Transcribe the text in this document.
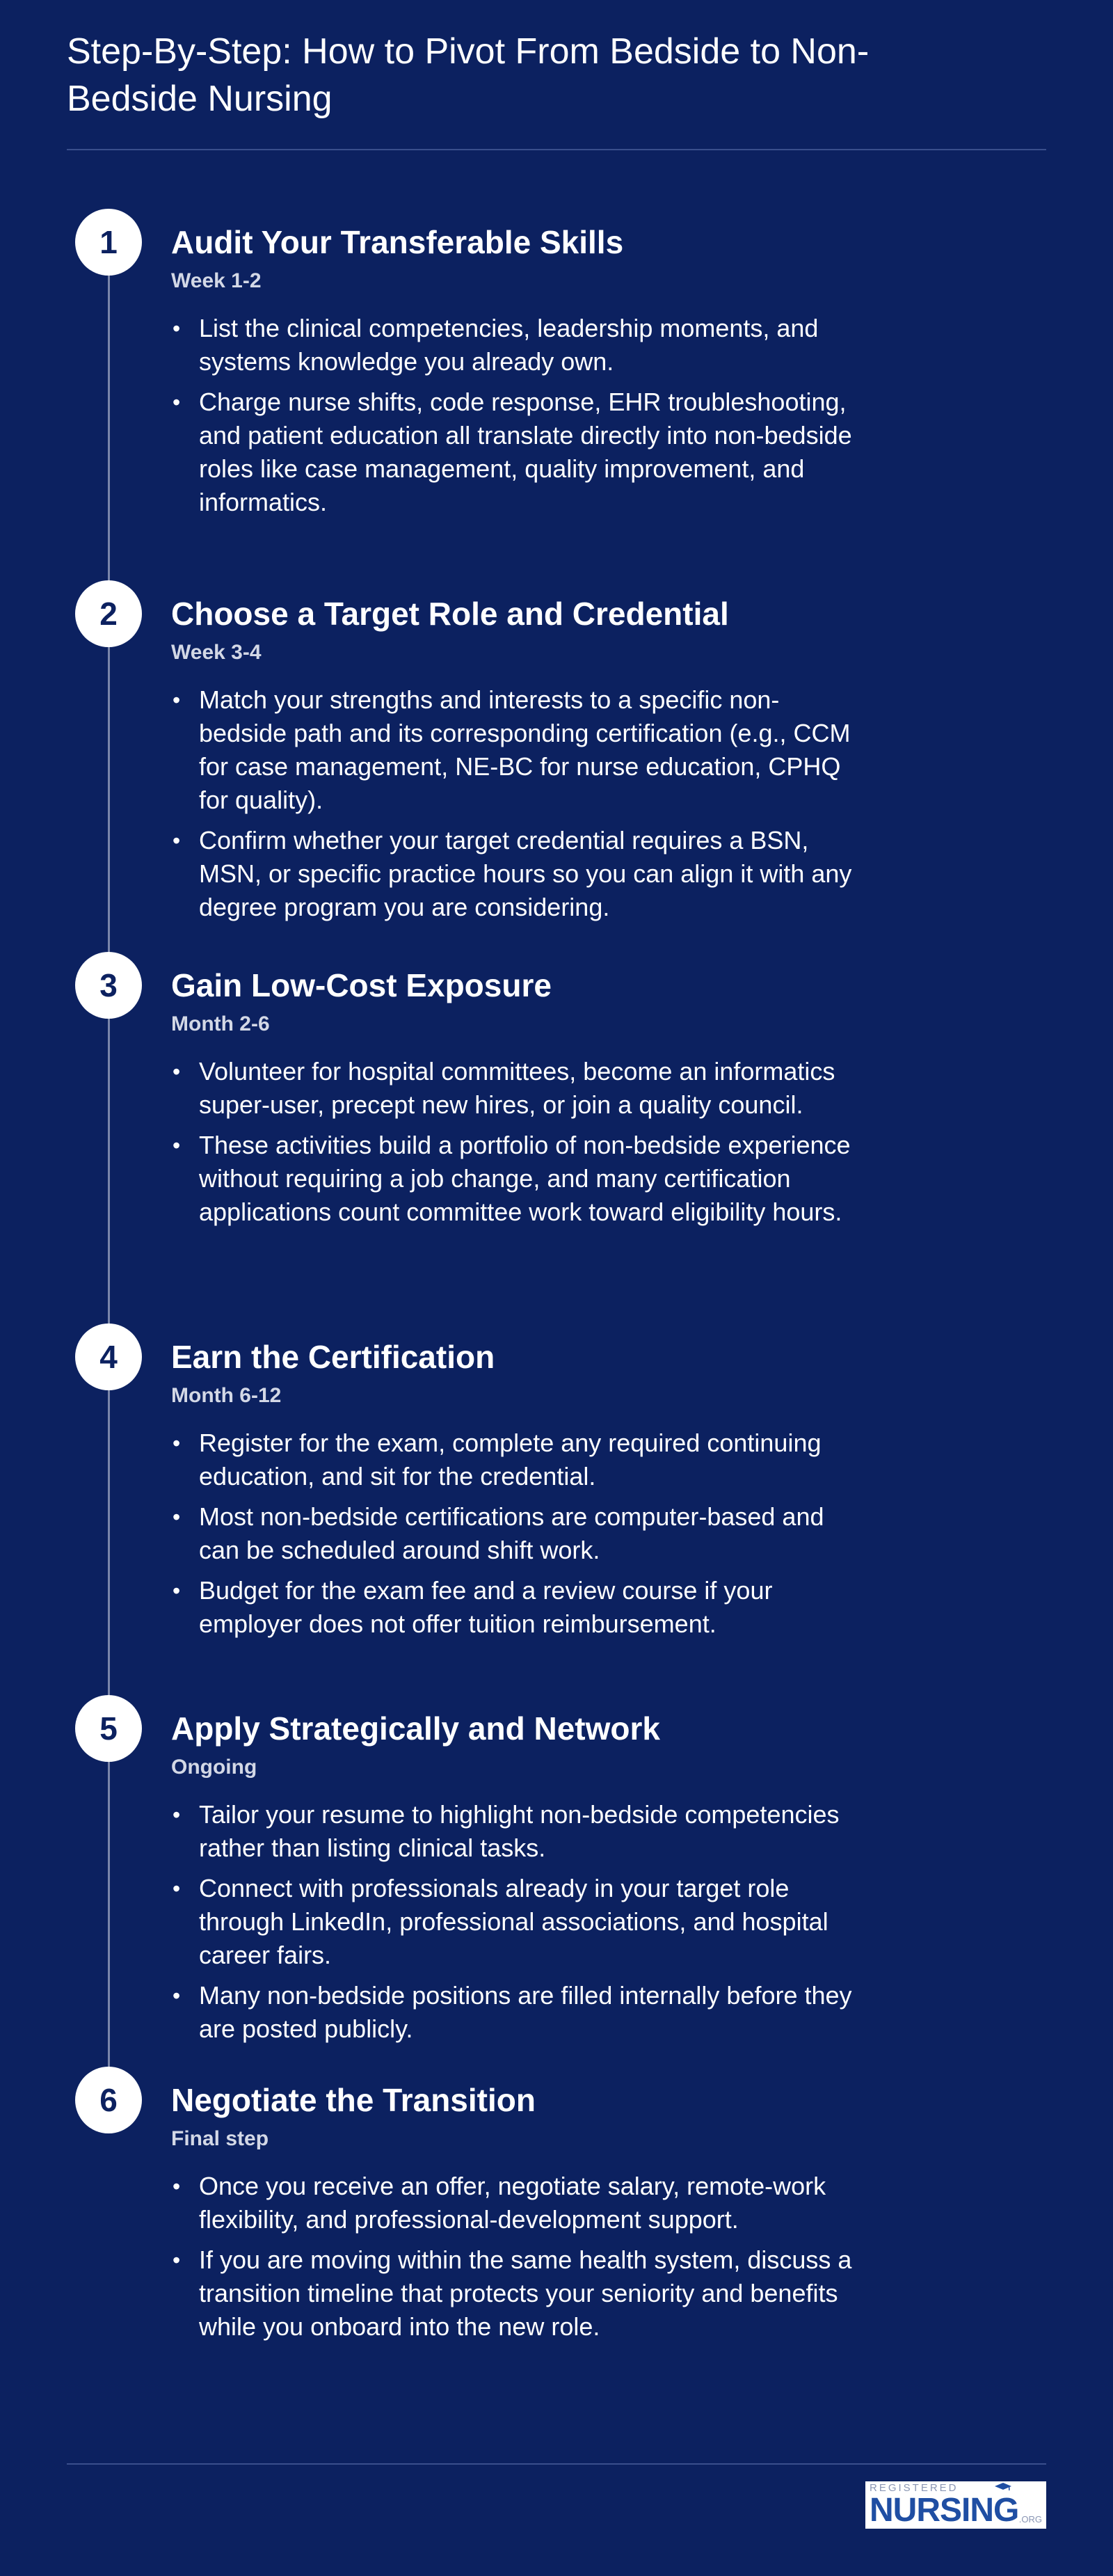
Step-By-Step: How to Pivot From Bedside to Non-Bedside Nursing
1	Audit Your Transferable Skills
Week 1-2
• List the clinical competencies, leadership moments, and systems knowledge you already own.
• Charge nurse shifts, code response, EHR troubleshooting, and patient education all translate directly into non-bedside roles like case management, quality improvement, and informatics.
2	Choose a Target Role and Credential
Week 3-4
• Match your strengths and interests to a specific non-bedside path and its corresponding certification (e.g., CCM for case management, NE-BC for nurse education, CPHQ for quality).
• Confirm whether your target credential requires a BSN, MSN, or specific practice hours so you can align it with any degree program you are considering.
3	Gain Low-Cost Exposure
Month 2-6
• Volunteer for hospital committees, become an informatics super-user, precept new hires, or join a quality council.
• These activities build a portfolio of non-bedside experience without requiring a job change, and many certification applications count committee work toward eligibility hours.
4	Earn the Certification
Month 6-12
• Register for the exam, complete any required continuing education, and sit for the credential.
• Most non-bedside certifications are computer-based and can be scheduled around shift work.
• Budget for the exam fee and a review course if your employer does not offer tuition reimbursement.
5	Apply Strategically and Network
Ongoing
• Tailor your resume to highlight non-bedside competencies rather than listing clinical tasks.
• Connect with professionals already in your target role through LinkedIn, professional associations, and hospital career fairs.
• Many non-bedside positions are filled internally before they are posted publicly.
6	Negotiate the Transition
Final step
• Once you receive an offer, negotiate salary, remote-work flexibility, and professional-development support.
• If you are moving within the same health system, discuss a transition timeline that protects your seniority and benefits while you onboard into the new role.
REGISTERED
NURSING .ORG
